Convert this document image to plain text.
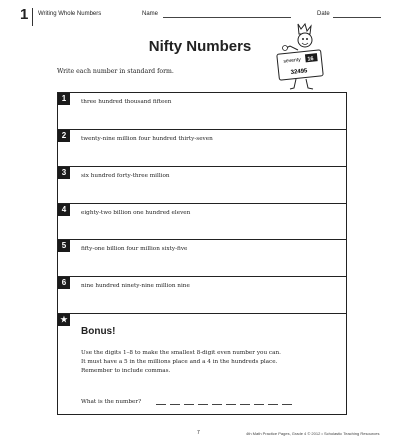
1 Writing Whole Numbers	Name	Date
Nifty Numbers
seventy 16
32495
Write each number in standard form.
1	three hundred thousand fifteen
2	twenty-nine million four hundred thirty-seven
3	six hundred forty-three million
4	eighty-two billion one hundred eleven
5	fifty-one billion four million sixty-five
6	nine hundred ninety-nine million nine
★
Bonus!
Use the digits 1–8 to make the smallest 8-digit even number you can.
It must have a 5 in the millions place and a 4 in the hundreds place.
Remember to include commas.
What is the number?
7	4th Math Practice Pages, Grade 4 © 2012 • Scholastic Teaching Resources
